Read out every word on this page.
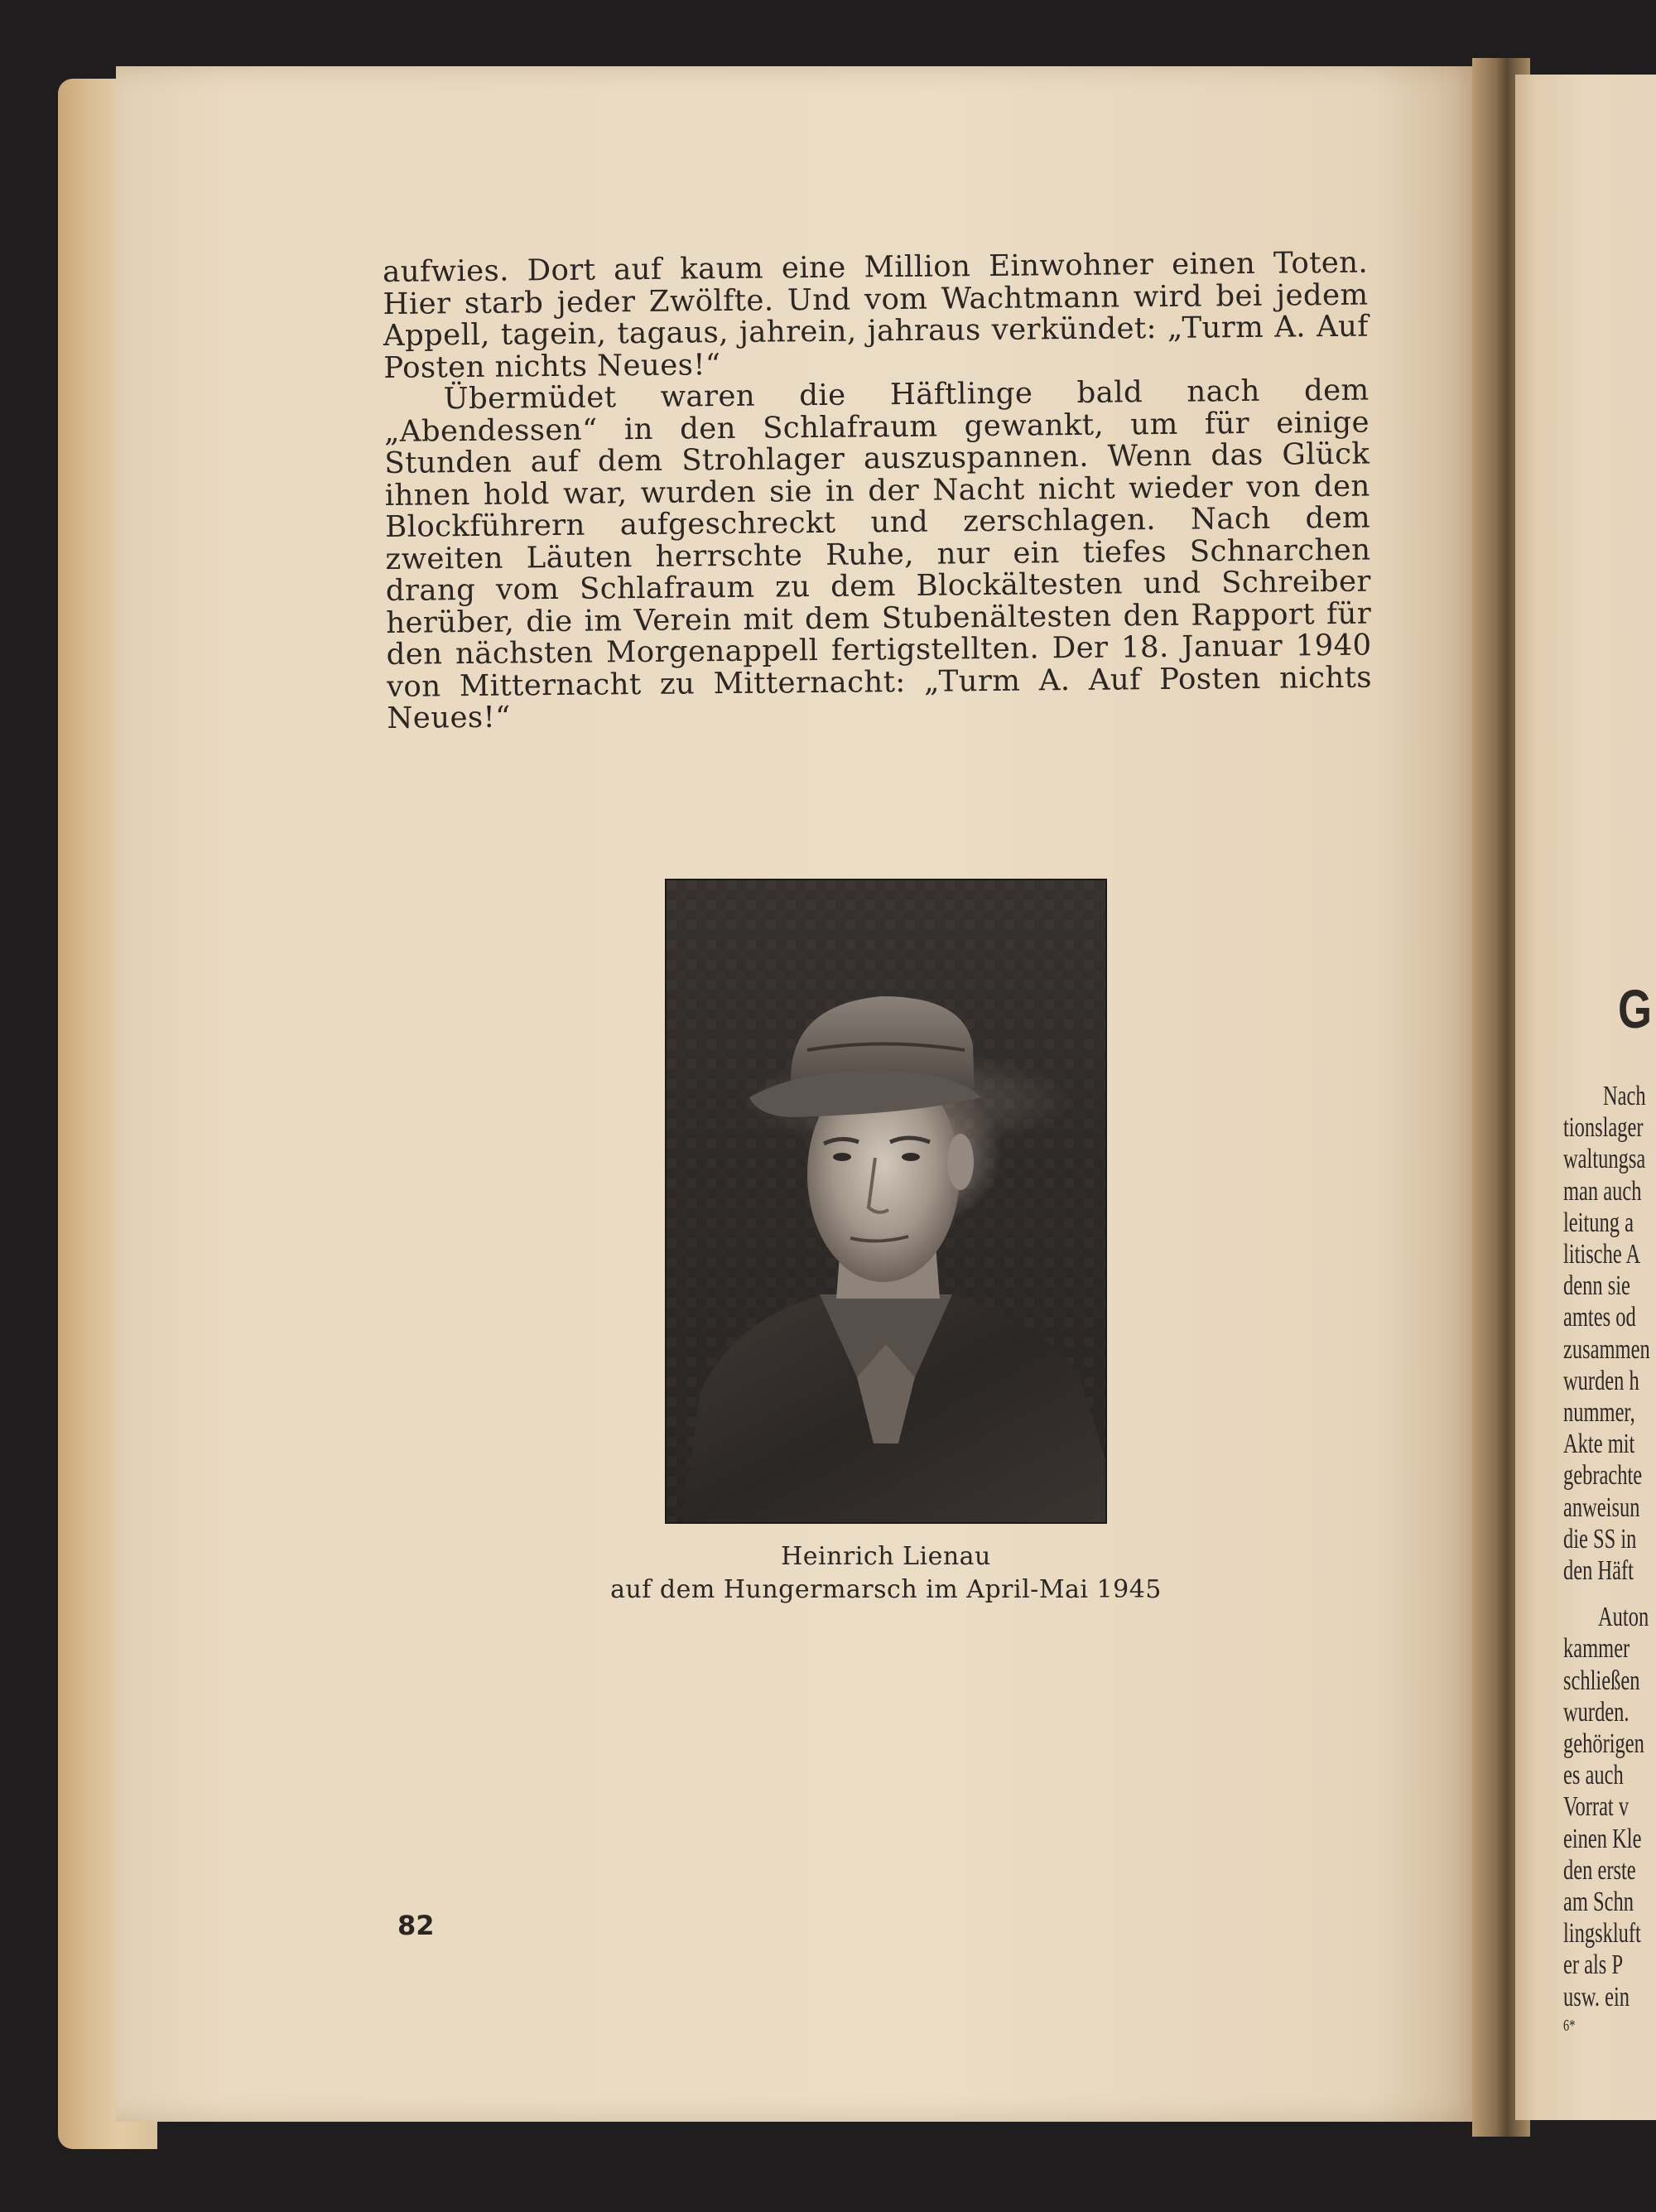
G
Nach
tionslager
waltungsa
man auch
leitung a
litische A
denn sie
amtes od
zusammen
wurden h
nummer,
Akte mit
gebrachte
anweisun
die SS in
den Häft
Auton
kammer
schließen
wurden.
gehörigen
es auch
Vorrat v
einen Kle
den erste
am Schn
lingskluft
er als P
usw. ein
6*

aufwies. Dort auf kaum eine Million Einwohner einen Toten. Hier starb jeder Zwölfte. Und vom Wachtmann wird bei jedem Appell, tagein, tagaus, jahrein, jahraus verkündet: „Turm A. Auf Posten nichts Neues!“

Übermüdet waren die Häftlinge bald nach dem „Abendessen“ in den Schlafraum gewankt, um für einige Stunden auf dem Strohlager auszuspannen. Wenn das Glück ihnen hold war, wurden sie in der Nacht nicht wieder von den Blockführern aufgeschreckt und zerschlagen. Nach dem zweiten Läuten herrschte Ruhe, nur ein tiefes Schnarchen drang vom Schlafraum zu dem Blockältesten und Schreiber herüber, die im Verein mit dem Stubenältesten den Rapport für den nächsten Morgenappell fertigstellten. Der 18. Januar 1940 von Mitternacht zu Mitternacht: „Turm A. Auf Posten nichts Neues!“

Heinrich Lienau
auf dem Hungermarsch im April-Mai 1945
82
